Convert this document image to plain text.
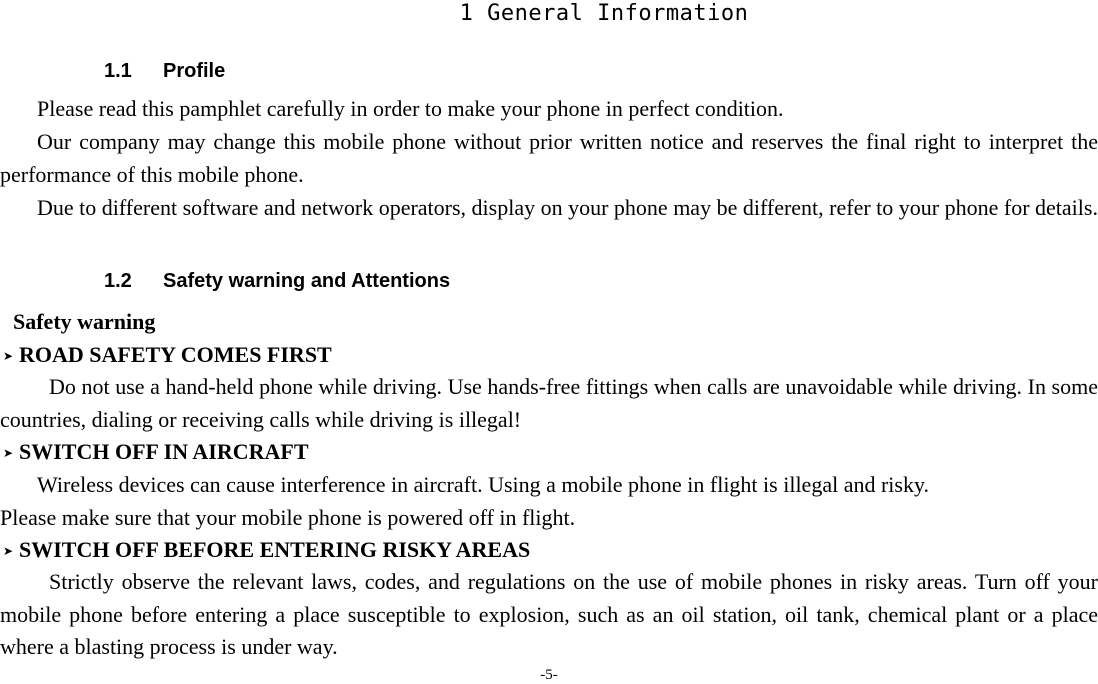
1 General Information
1.1 Profile
Please read this pamphlet carefully in order to make your phone in perfect condition.
Our company may change this mobile phone without prior written notice and reserves the final right to interpret the performance of this mobile phone.
Due to different software and network operators, display on your phone may be different, refer to your phone for details.
1.2 Safety warning and Attentions
Safety warning
➤ ROAD SAFETY COMES FIRST
Do not use a hand-held phone while driving. Use hands-free fittings when calls are unavoidable while driving. In some countries, dialing or receiving calls while driving is illegal!
➤ SWITCH OFF IN AIRCRAFT
Wireless devices can cause interference in aircraft. Using a mobile phone in flight is illegal and risky.
Please make sure that your mobile phone is powered off in flight.
➤ SWITCH OFF BEFORE ENTERING RISKY AREAS
Strictly observe the relevant laws, codes, and regulations on the use of mobile phones in risky areas. Turn off your mobile phone before entering a place susceptible to explosion, such as an oil station, oil tank, chemical plant or a place where a blasting process is under way.
-5-
